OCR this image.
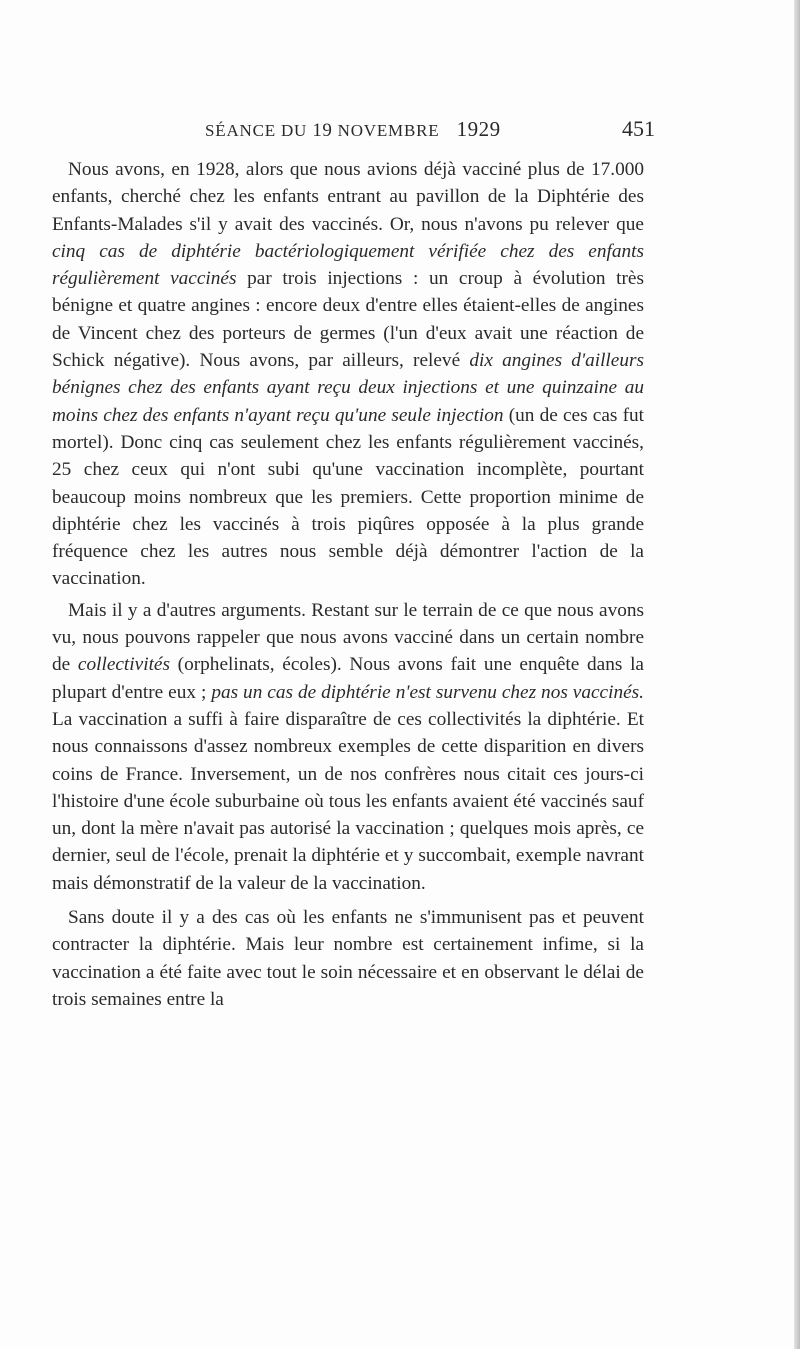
SÉANCE DU 19 NOVEMBRE 1929	451

Nous avons, en 1928, alors que nous avions déjà vacciné plus de 17.000 enfants, cherché chez les enfants entrant au pavillon de la Diphtérie des Enfants-Malades s'il y avait des vaccinés. Or, nous n'avons pu relever que cinq cas de diphtérie bactériologiquement vérifiée chez des enfants régulièrement vaccinés par trois injections : un croup à évolution très bénigne et quatre angines : encore deux d'entre elles étaient-elles de angines de Vincent chez des porteurs de germes (l'un d'eux avait une réaction de Schick négative). Nous avons, par ailleurs, relevé dix angines d'ailleurs bénignes chez des enfants ayant reçu deux injections et une quinzaine au moins chez des enfants n'ayant reçu qu'une seule injection (un de ces cas fut mortel). Donc cinq cas seulement chez les enfants régulièrement vaccinés, 25 chez ceux qui n'ont subi qu'une vaccination incomplète, pourtant beaucoup moins nombreux que les premiers. Cette proportion minime de diphtérie chez les vaccinés à trois piqûres opposée à la plus grande fréquence chez les autres nous semble déjà démontrer l'action de la vaccination.

Mais il y a d'autres arguments. Restant sur le terrain de ce que nous avons vu, nous pouvons rappeler que nous avons vacciné dans un certain nombre de collectivités (orphelinats, écoles). Nous avons fait une enquête dans la plupart d'entre eux ; pas un cas de diphtérie n'est survenu chez nos vaccinés. La vaccination a suffi à faire disparaître de ces collectivités la diphtérie. Et nous connaissons d'assez nombreux exemples de cette disparition en divers coins de France. Inversement, un de nos confrères nous citait ces jours-ci l'histoire d'une école suburbaine où tous les enfants avaient été vaccinés sauf un, dont la mère n'avait pas autorisé la vaccination ; quelques mois après, ce dernier, seul de l'école, prenait la diphtérie et y succombait, exemple navrant mais démonstratif de la valeur de la vaccination.

Sans doute il y a des cas où les enfants ne s'immunisent pas et peuvent contracter la diphtérie. Mais leur nombre est certainement infime, si la vaccination a été faite avec tout le soin nécessaire et en observant le délai de trois semaines entre la
